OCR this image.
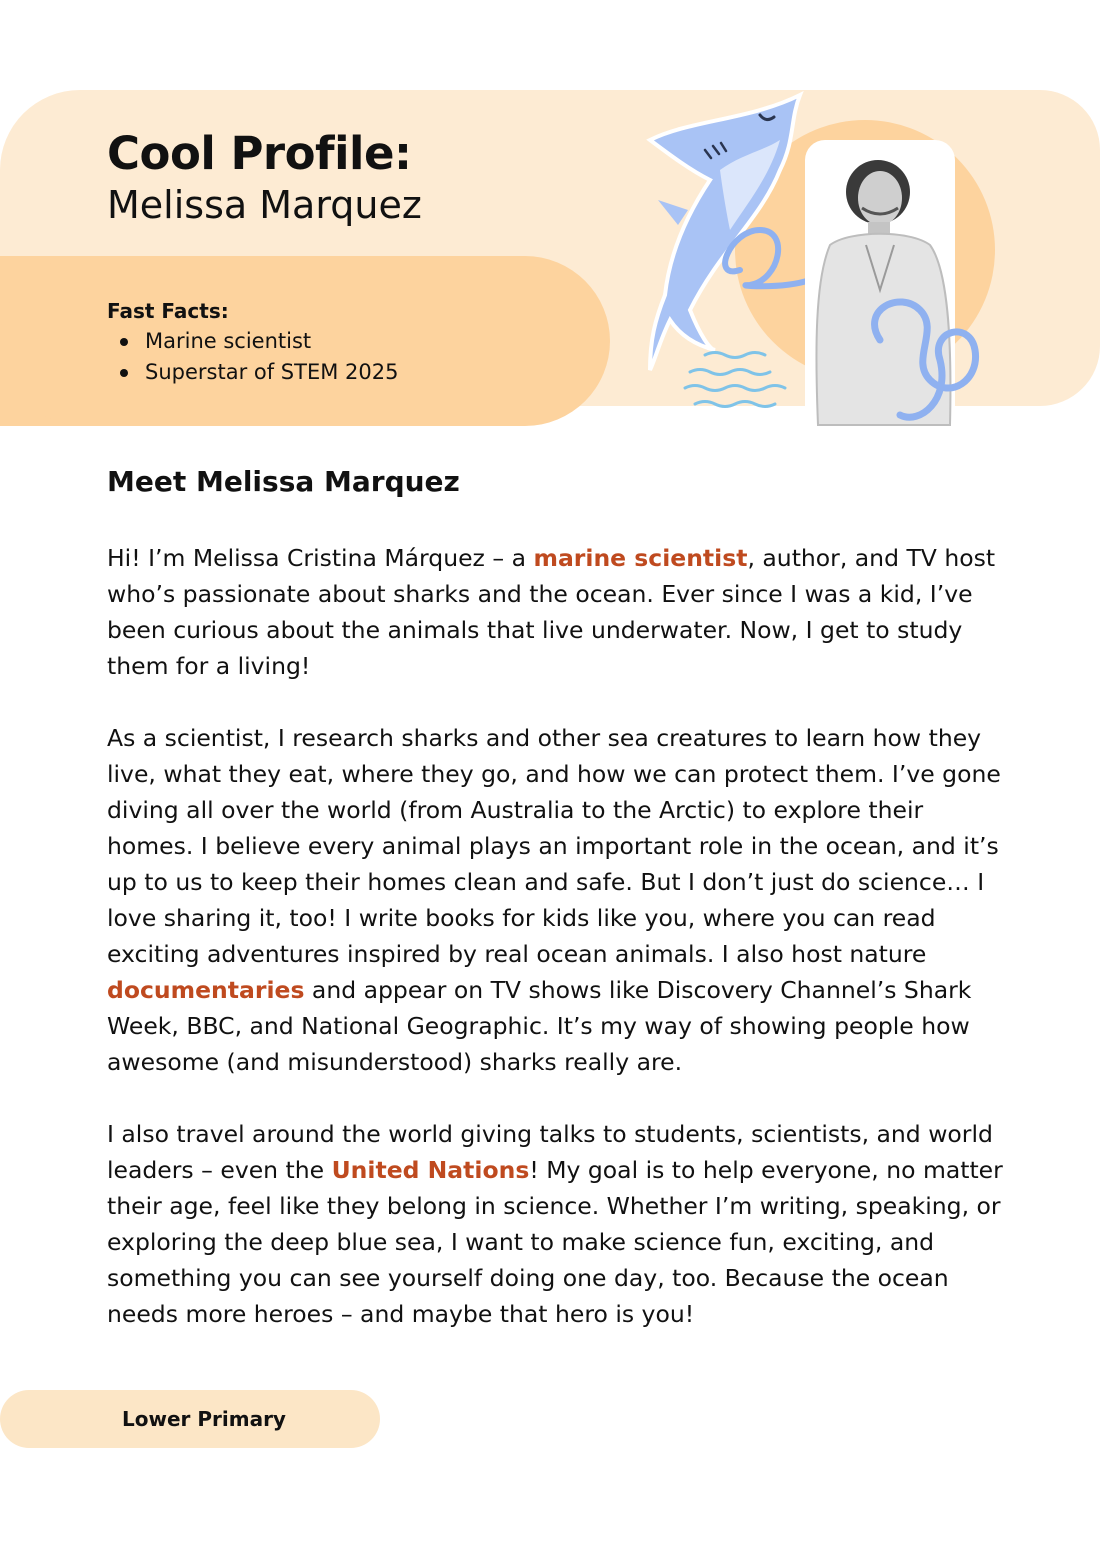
Cool Profile:
Melissa Marquez
Fast Facts:
Marine scientist
Superstar of STEM 2025
Meet Melissa Marquez

Hi! I’m Melissa Cristina Márquez – a marine scientist, author, and TV host who’s passionate about sharks and the ocean. Ever since I was a kid, I’ve been curious about the animals that live underwater. Now, I get to study them for a living!

As a scientist, I research sharks and other sea creatures to learn how they live, what they eat, where they go, and how we can protect them. I’ve gone diving all over the world (from Australia to the Arctic) to explore their homes. I believe every animal plays an important role in the ocean, and it’s up to us to keep their homes clean and safe. But I don’t just do science… I love sharing it, too! I write books for kids like you, where you can read exciting adventures inspired by real ocean animals. I also host nature documentaries and appear on TV shows like Discovery Channel’s Shark Week, BBC, and National Geographic. It’s my way of showing people how awesome (and misunderstood) sharks really are.

I also travel around the world giving talks to students, scientists, and world leaders – even the United Nations! My goal is to help everyone, no matter their age, feel like they belong in science. Whether I’m writing, speaking, or exploring the deep blue sea, I want to make science fun, exciting, and something you can see yourself doing one day, too. Because the ocean needs more heroes – and maybe that hero is you!

Lower Primary
